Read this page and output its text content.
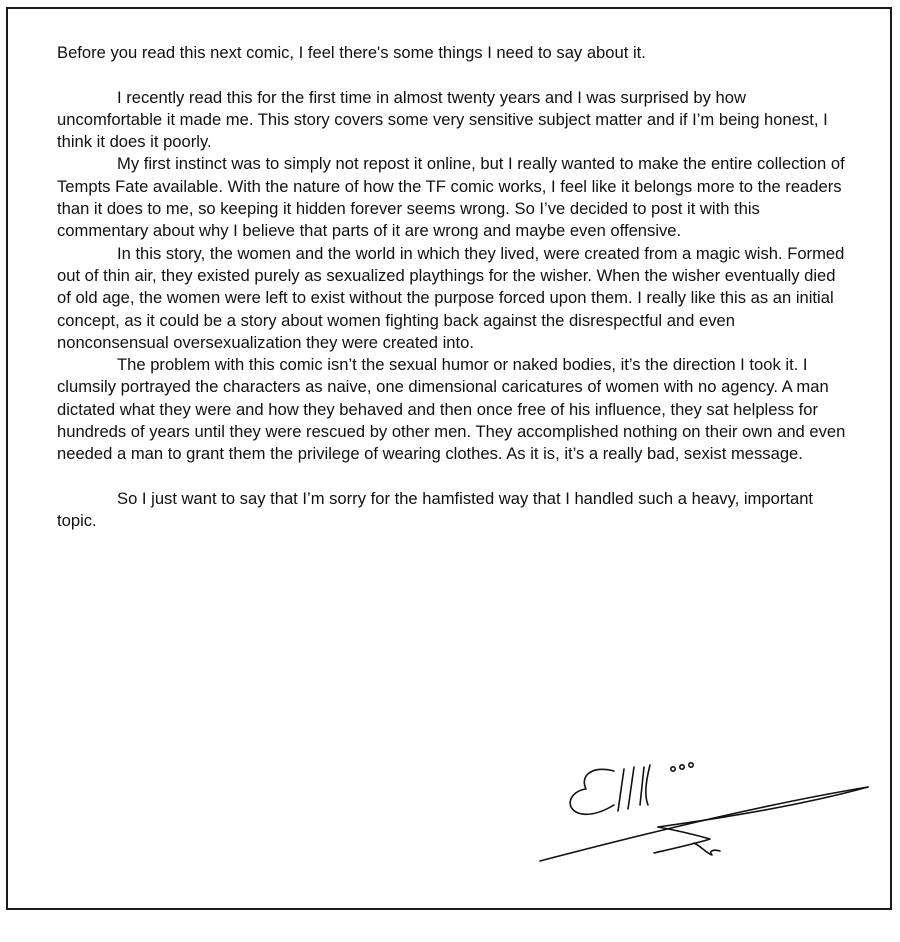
Before you read this next comic, I feel there's some things I need to say about it.

I recently read this for the first time in almost twenty years and I was surprised by how uncomfortable it made me. This story covers some very sensitive subject matter and if I’m being honest, I think it does it poorly.

My first instinct was to simply not repost it online, but I really wanted to make the entire collection of Tempts Fate available. With the nature of how the TF comic works, I feel like it belongs more to the readers than it does to me, so keeping it hidden forever seems wrong. So I’ve decided to post it with this commentary about why I believe that parts of it are wrong and maybe even offensive.

In this story, the women and the world in which they lived, were created from a magic wish. Formed out of thin air, they existed purely as sexualized playthings for the wisher. When the wisher eventually died of old age, the women were left to exist without the purpose forced upon them. I really like this as an initial concept, as it could be a story about women fighting back against the disrespectful and even nonconsensual oversexualization they were created into.

The problem with this comic isn’t the sexual humor or naked bodies, it’s the direction I took it. I clumsily portrayed the characters as naive, one dimensional caricatures of women with no agency. A man dictated what they were and how they behaved and then once free of his influence, they sat helpless for hundreds of years until they were rescued by other men. They accomplished nothing on their own and even needed a man to grant them the privilege of wearing clothes. As it is, it’s a really bad, sexist message.

So I just want to say that I’m sorry for the hamfisted way that I handled such a heavy, important topic.
